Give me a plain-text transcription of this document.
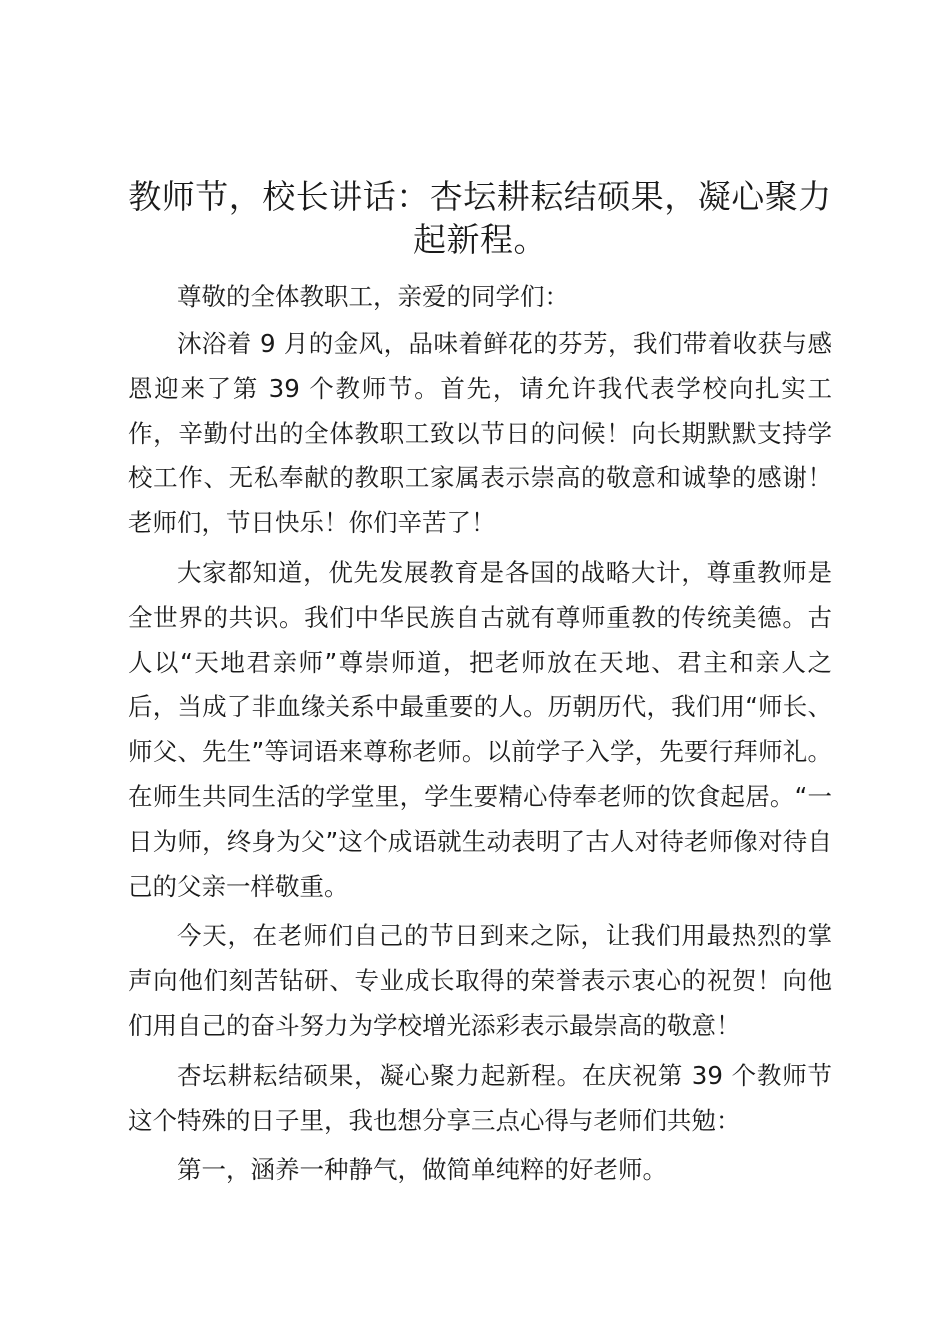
教师节，校长讲话：杏坛耕耘结硕果，凝心聚力起新程。

尊敬的全体教职工，亲爱的同学们：

沐浴着 9 月的金风，品味着鲜花的芬芳，我们带着收获与感恩迎来了第 39 个教师节。首先，请允许我代表学校向扎实工作，辛勤付出的全体教职工致以节日的问候！向长期默默支持学校工作、无私奉献的教职工家属表示崇高的敬意和诚挚的感谢！老师们，节日快乐！你们辛苦了！

大家都知道，优先发展教育是各国的战略大计，尊重教师是全世界的共识。我们中华民族自古就有尊师重教的传统美德。古人以“天地君亲师”尊崇师道，把老师放在天地、君主和亲人之后，当成了非血缘关系中最重要的人。历朝历代，我们用“师长、师父、先生”等词语来尊称老师。以前学子入学，先要行拜师礼。在师生共同生活的学堂里，学生要精心侍奉老师的饮食起居。“一日为师，终身为父”这个成语就生动表明了古人对待老师像对待自己的父亲一样敬重。

今天，在老师们自己的节日到来之际，让我们用最热烈的掌声向他们刻苦钻研、专业成长取得的荣誉表示衷心的祝贺！向他们用自己的奋斗努力为学校增光添彩表示最崇高的敬意！

杏坛耕耘结硕果，凝心聚力起新程。在庆祝第 39 个教师节这个特殊的日子里，我也想分享三点心得与老师们共勉：

第一，涵养一种静气，做简单纯粹的好老师。
